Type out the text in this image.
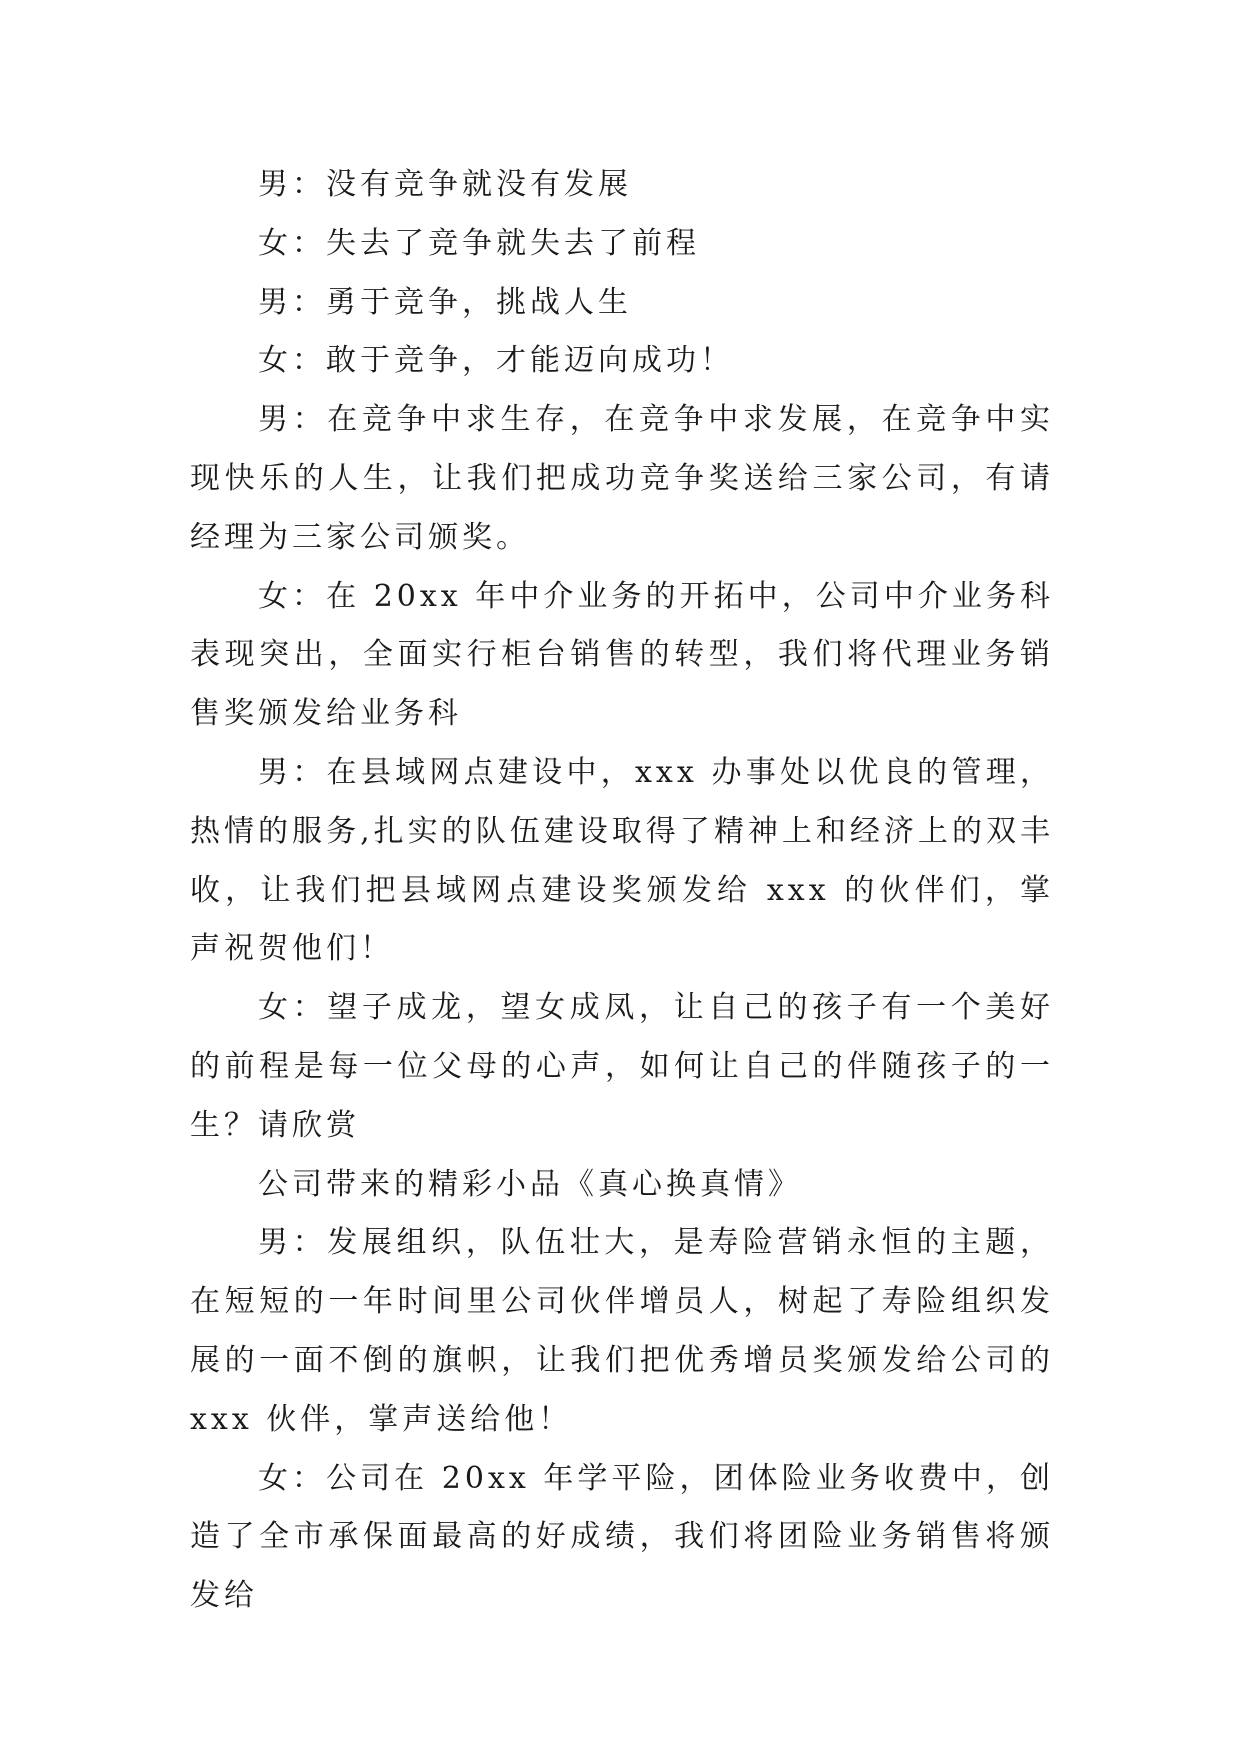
男：没有竞争就没有发展

女：失去了竞争就失去了前程

男：勇于竞争，挑战人生

女：敢于竞争，才能迈向成功！

男：在竞争中求生存，在竞争中求发展，在竞争中实现快乐的人生，让我们把成功竞争奖送给三家公司，有请经理为三家公司颁奖。

女：在 20xx 年中介业务的开拓中，公司中介业务科表现突出，全面实行柜台销售的转型，我们将代理业务销售奖颁发给业务科

男：在县域网点建设中，xxx 办事处以优良的管理，热情的服务,扎实的队伍建设取得了精神上和经济上的双丰收，让我们把县域网点建设奖颁发给 xxx 的伙伴们，掌声祝贺他们！

女：望子成龙，望女成凤，让自己的孩子有一个美好的前程是每一位父母的心声，如何让自己的伴随孩子的一生？请欣赏

公司带来的精彩小品《真心换真情》

男：发展组织，队伍壮大，是寿险营销永恒的主题，在短短的一年时间里公司伙伴增员人，树起了寿险组织发展的一面不倒的旗帜，让我们把优秀增员奖颁发给公司的 xxx 伙伴，掌声送给他！

女：公司在 20xx 年学平险，团体险业务收费中，创造了全市承保面最高的好成绩，我们将团险业务销售将颁发给
